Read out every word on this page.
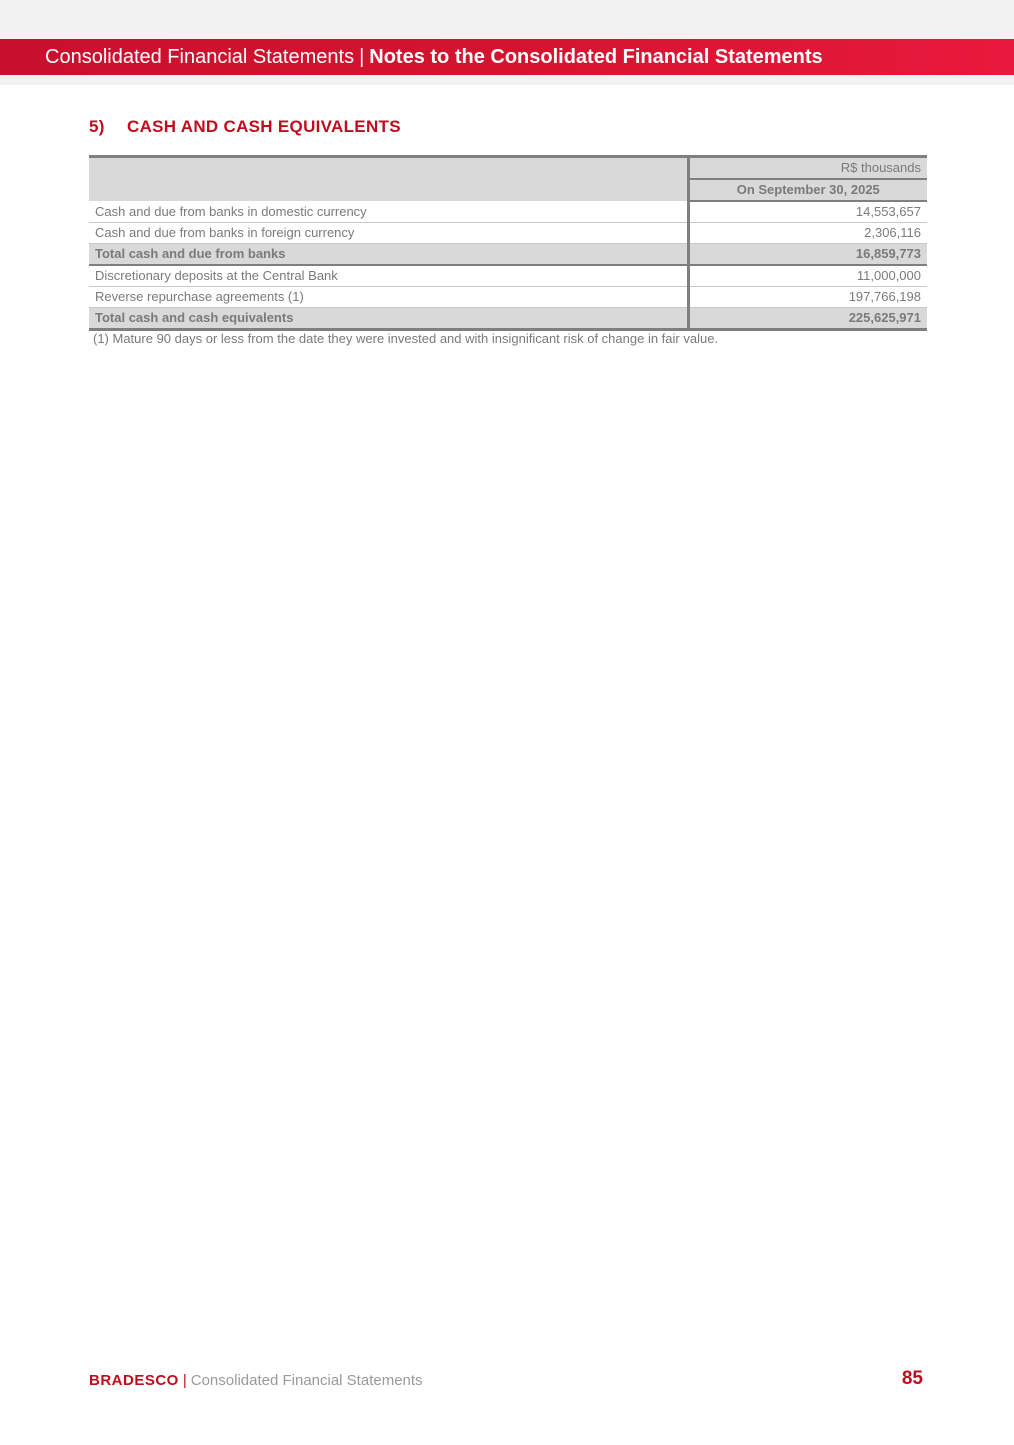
Consolidated Financial Statements | Notes to the Consolidated Financial Statements
5) CASH AND CASH EQUIVALENTS
	R$ thousands
	On September 30, 2025
Cash and due from banks in domestic currency	14,553,657
Cash and due from banks in foreign currency	2,306,116
Total cash and due from banks	16,859,773
Discretionary deposits at the Central Bank	11,000,000
Reverse repurchase agreements (1)	197,766,198
Total cash and cash equivalents	225,625,971
(1) Mature 90 days or less from the date they were invested and with insignificant risk of change in fair value.
BRADESCO | Consolidated Financial Statements	85
